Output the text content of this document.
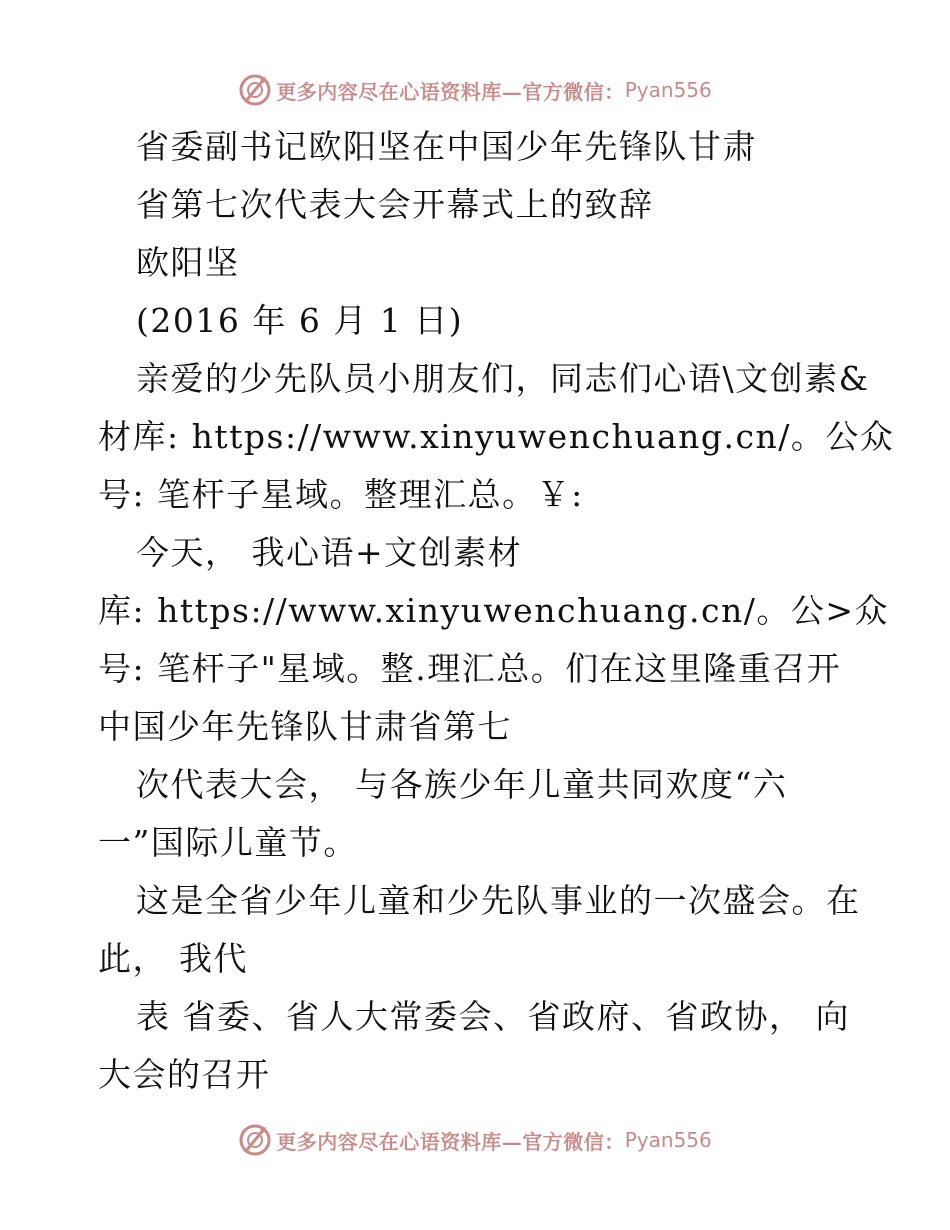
更多内容尽在心语资料库—官方微信： Pyan556
省委副书记欧阳坚在中国少年先锋队甘肃
省第七次代表大会开幕式上的致辞
欧阳坚
(2016 年 6 月 1 日)
亲爱的少先队员小朋友们，同志们心语\文创素&
材库: https://www.xinyuwenchuang.cn/。公众
号: 笔杆子星域。整理汇总。￥:
今天， 我心语+文创素材
库: https://www.xinyuwenchuang.cn/。公>众
号: 笔杆子"星域。整.理汇总。们在这里隆重召开
中国少年先锋队甘肃省第七
次代表大会， 与各族少年儿童共同欢度“六
一”国际儿童节。
这是全省少年儿童和少先队事业的一次盛会。在
此， 我代
表 省委、省人大常委会、省政府、省政协， 向
大会的召开
更多内容尽在心语资料库—官方微信： Pyan556
